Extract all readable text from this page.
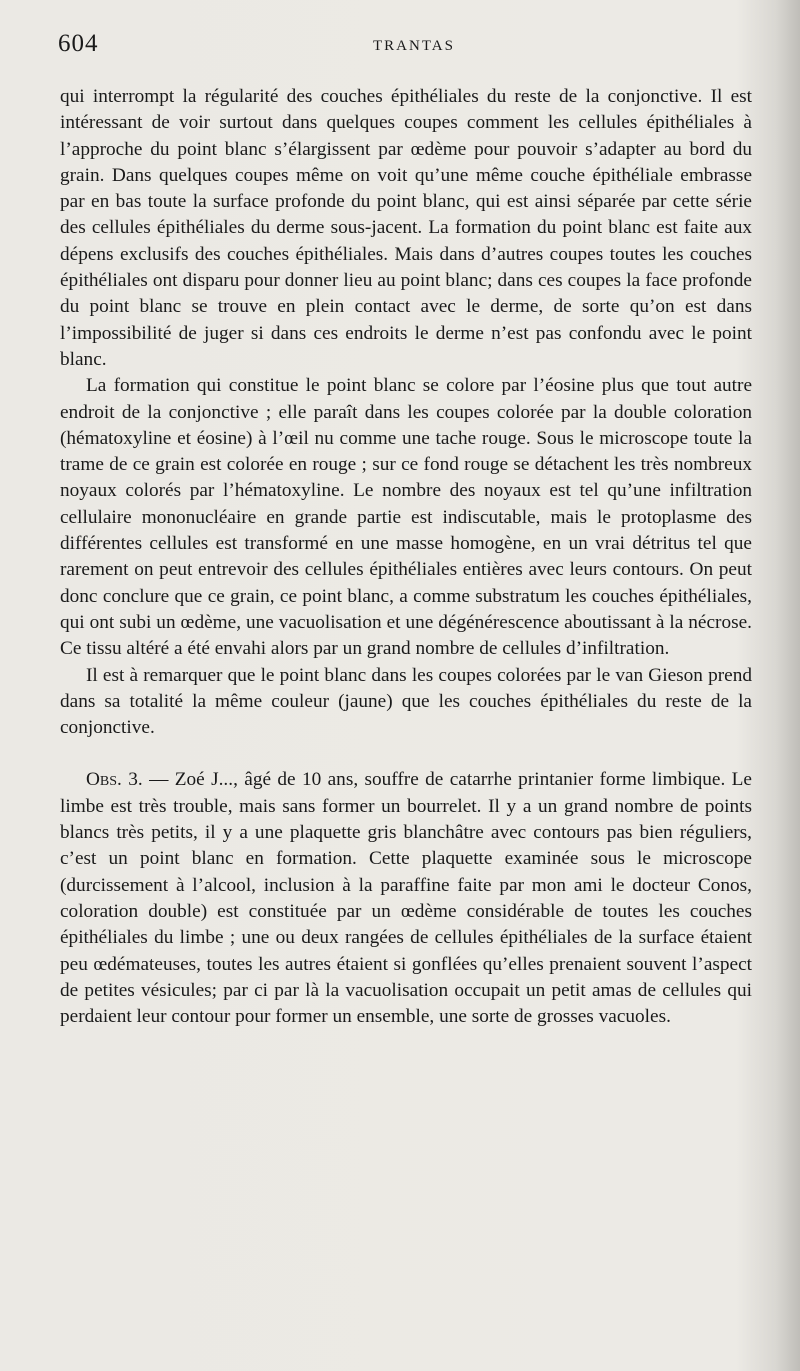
604	TRANTAS

qui interrompt la régularité des couches épithéliales du reste de la conjonctive. Il est intéressant de voir surtout dans quelques coupes comment les cellules épithéliales à l’approche du point blanc s’élargissent par œdème pour pouvoir s’adapter au bord du grain. Dans quelques coupes même on voit qu’une même couche épithéliale embrasse par en bas toute la surface profonde du point blanc, qui est ainsi séparée par cette série des cellules épithéliales du derme sous-jacent. La formation du point blanc est faite aux dépens exclusifs des couches épithéliales. Mais dans d’autres coupes toutes les couches épithéliales ont disparu pour donner lieu au point blanc; dans ces coupes la face profonde du point blanc se trouve en plein contact avec le derme, de sorte qu’on est dans l’impossibilité de juger si dans ces endroits le derme n’est pas confondu avec le point blanc.

La formation qui constitue le point blanc se colore par l’éosine plus que tout autre endroit de la conjonctive ; elle paraît dans les coupes colorée par la double coloration (hématoxyline et éosine) à l’œil nu comme une tache rouge. Sous le microscope toute la trame de ce grain est colorée en rouge ; sur ce fond rouge se détachent les très nombreux noyaux colorés par l’hématoxyline. Le nombre des noyaux est tel qu’une infiltration cellulaire mononucléaire en grande partie est indiscutable, mais le protoplasme des différentes cellules est transformé en une masse homogène, en un vrai détritus tel que rarement on peut entrevoir des cellules épithéliales entières avec leurs contours. On peut donc conclure que ce grain, ce point blanc, a comme substratum les couches épithéliales, qui ont subi un œdème, une vacuolisation et une dégénérescence aboutissant à la nécrose. Ce tissu altéré a été envahi alors par un grand nombre de cellules d’infiltration.

Il est à remarquer que le point blanc dans les coupes colorées par le van Gieson prend dans sa totalité la même couleur (jaune) que les couches épithéliales du reste de la conjonctive.

Obs. 3. — Zoé J..., âgé de 10 ans, souffre de catarrhe printanier forme limbique. Le limbe est très trouble, mais sans former un bourrelet. Il y a un grand nombre de points blancs très petits, il y a une plaquette gris blanchâtre avec contours pas bien réguliers, c’est un point blanc en formation. Cette plaquette examinée sous le microscope (durcissement à l’alcool, inclusion à la paraffine faite par mon ami le docteur Conos, coloration double) est constituée par un œdème considérable de toutes les couches épithéliales du limbe ; une ou deux rangées de cellules épithéliales de la surface étaient peu œdémateuses, toutes les autres étaient si gonflées qu’elles prenaient souvent l’aspect de petites vésicules; par ci par là la vacuolisation occupait un petit amas de cellules qui perdaient leur contour pour former un ensemble, une sorte de grosses vacuoles.
